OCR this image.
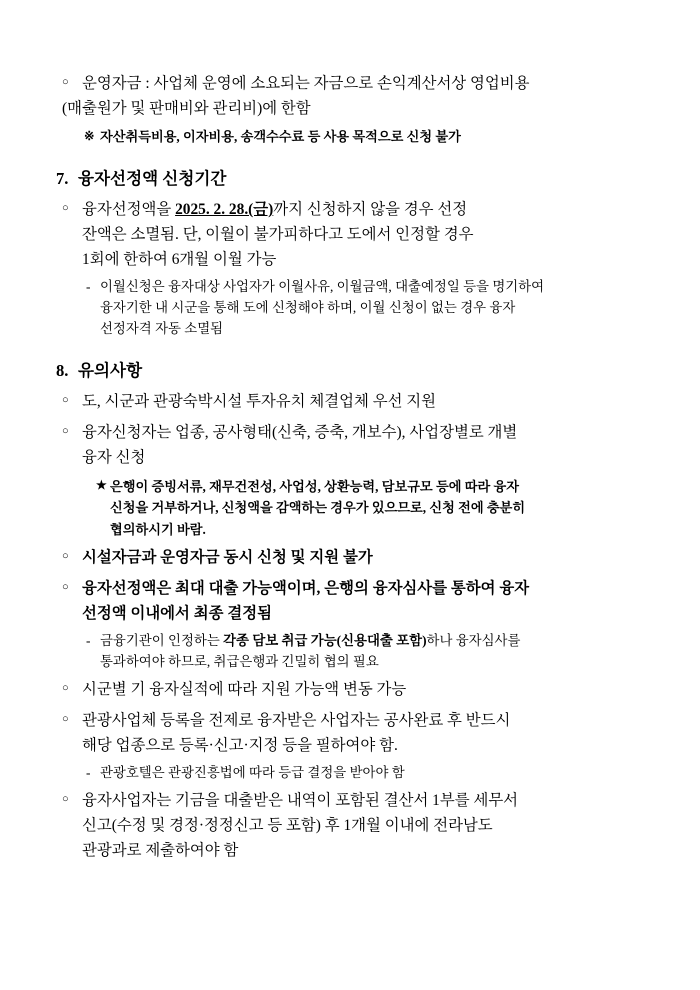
○ 운영자금 : 사업체 운영에 소요되는 자금으로 손익계산서상 영업비용
(매출원가 및 판매비와 관리비)에 한함
※ 자산취득비용, 이자비용, 송객수수료 등 사용 목적으로 신청 불가
7. 융자선정액 신청기간
○ 융자선정액을 2025. 2. 28.(금)까지 신청하지 않을 경우 선정
잔액은 소멸됨. 단, 이월이 불가피하다고 도에서 인정할 경우
1회에 한하여 6개월 이월 가능
- 이월신청은 융자대상 사업자가 이월사유, 이월금액, 대출예정일 등을 명기하여
융자기한 내 시군을 통해 도에 신청해야 하며, 이월 신청이 없는 경우 융자
선정자격 자동 소멸됨
8. 유의사항
○ 도, 시군과 관광숙박시설 투자유치 체결업체 우선 지원
○ 융자신청자는 업종, 공사형태(신축, 증축, 개보수), 사업장별로 개별
융자 신청
★ 은행이 증빙서류, 재무건전성, 사업성, 상환능력, 담보규모 등에 따라 융자
신청을 거부하거나, 신청액을 감액하는 경우가 있으므로, 신청 전에 충분히
협의하시기 바람.
○ 시설자금과 운영자금 동시 신청 및 지원 불가
○ 융자선정액은 최대 대출 가능액이며, 은행의 융자심사를 통하여 융자
선정액 이내에서 최종 결정됨
- 금융기관이 인정하는 각종 담보 취급 가능(신용대출 포함)하나 융자심사를
통과하여야 하므로, 취급은행과 긴밀히 협의 필요
○ 시군별 기 융자실적에 따라 지원 가능액 변동 가능
○ 관광사업체 등록을 전제로 융자받은 사업자는 공사완료 후 반드시
해당 업종으로 등록·신고·지정 등을 필하여야 함.
- 관광호텔은 관광진흥법에 따라 등급 결정을 받아야 함
○ 융자사업자는 기금을 대출받은 내역이 포함된 결산서 1부를 세무서
신고(수정 및 경정·정정신고 등 포함) 후 1개월 이내에 전라남도
관광과로 제출하여야 함
